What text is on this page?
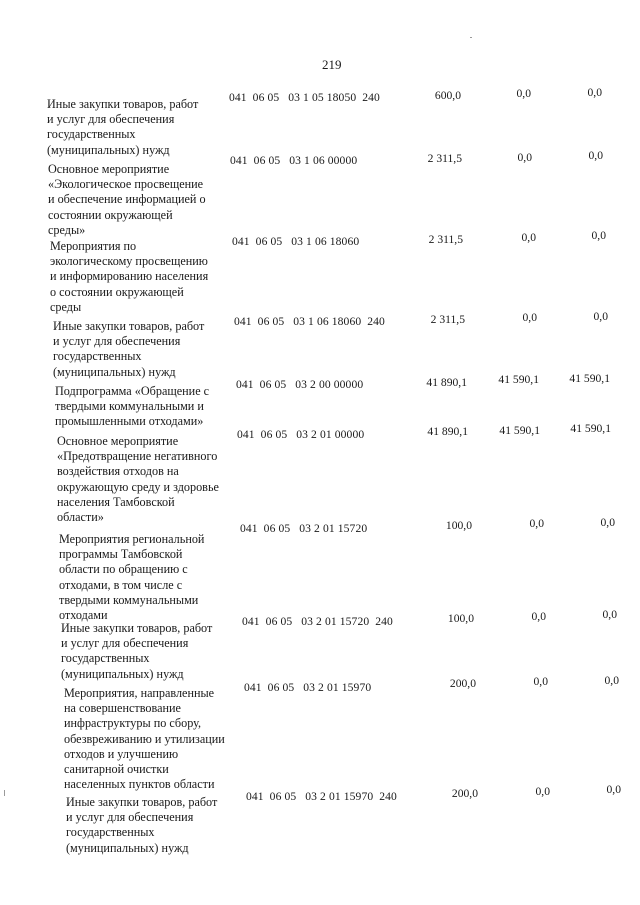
219
Иные закупки товаров, работ
и услуг для обеспечения
государственных
(муниципальных) нужд
041  06 05   03 1 05 18050  240	600,0	0,0	0,0
Основное мероприятие
«Экологическое просвещение
и обеспечение информацией о
состоянии окружающей
среды»
041  06 05   03 1 06 00000	2 311,5	0,0	0,0
Мероприятия по
экологическому просвещению
и информированию населения
о состоянии окружающей
среды
041  06 05   03 1 06 18060	2 311,5	0,0	0,0
Иные закупки товаров, работ
и услуг для обеспечения
государственных
(муниципальных) нужд
041  06 05   03 1 06 18060  240	2 311,5	0,0	0,0
Подпрограмма «Обращение с
твердыми коммунальными и
промышленными отходами»
041  06 05   03 2 00 00000	41 890,1	41 590,1	41 590,1
Основное мероприятие
«Предотвращение негативного
воздействия отходов на
окружающую среду и здоровье
населения Тамбовской
области»
041  06 05   03 2 01 00000	41 890,1	41 590,1	41 590,1
Мероприятия региональной
программы Тамбовской
области по обращению с
отходами, в том числе с
твердыми коммунальными
отходами
041  06 05   03 2 01 15720	100,0	0,0	0,0
Иные закупки товаров, работ
и услуг для обеспечения
государственных
(муниципальных) нужд
041  06 05   03 2 01 15720  240	100,0	0,0	0,0
Мероприятия, направленные
на совершенствование
инфраструктуры по сбору,
обезвреживанию и утилизации
отходов и улучшению
санитарной очистки
населенных пунктов области
041  06 05   03 2 01 15970	200,0	0,0	0,0
Иные закупки товаров, работ
и услуг для обеспечения
государственных
(муниципальных) нужд
041  06 05   03 2 01 15970  240	200,0	0,0	0,0
